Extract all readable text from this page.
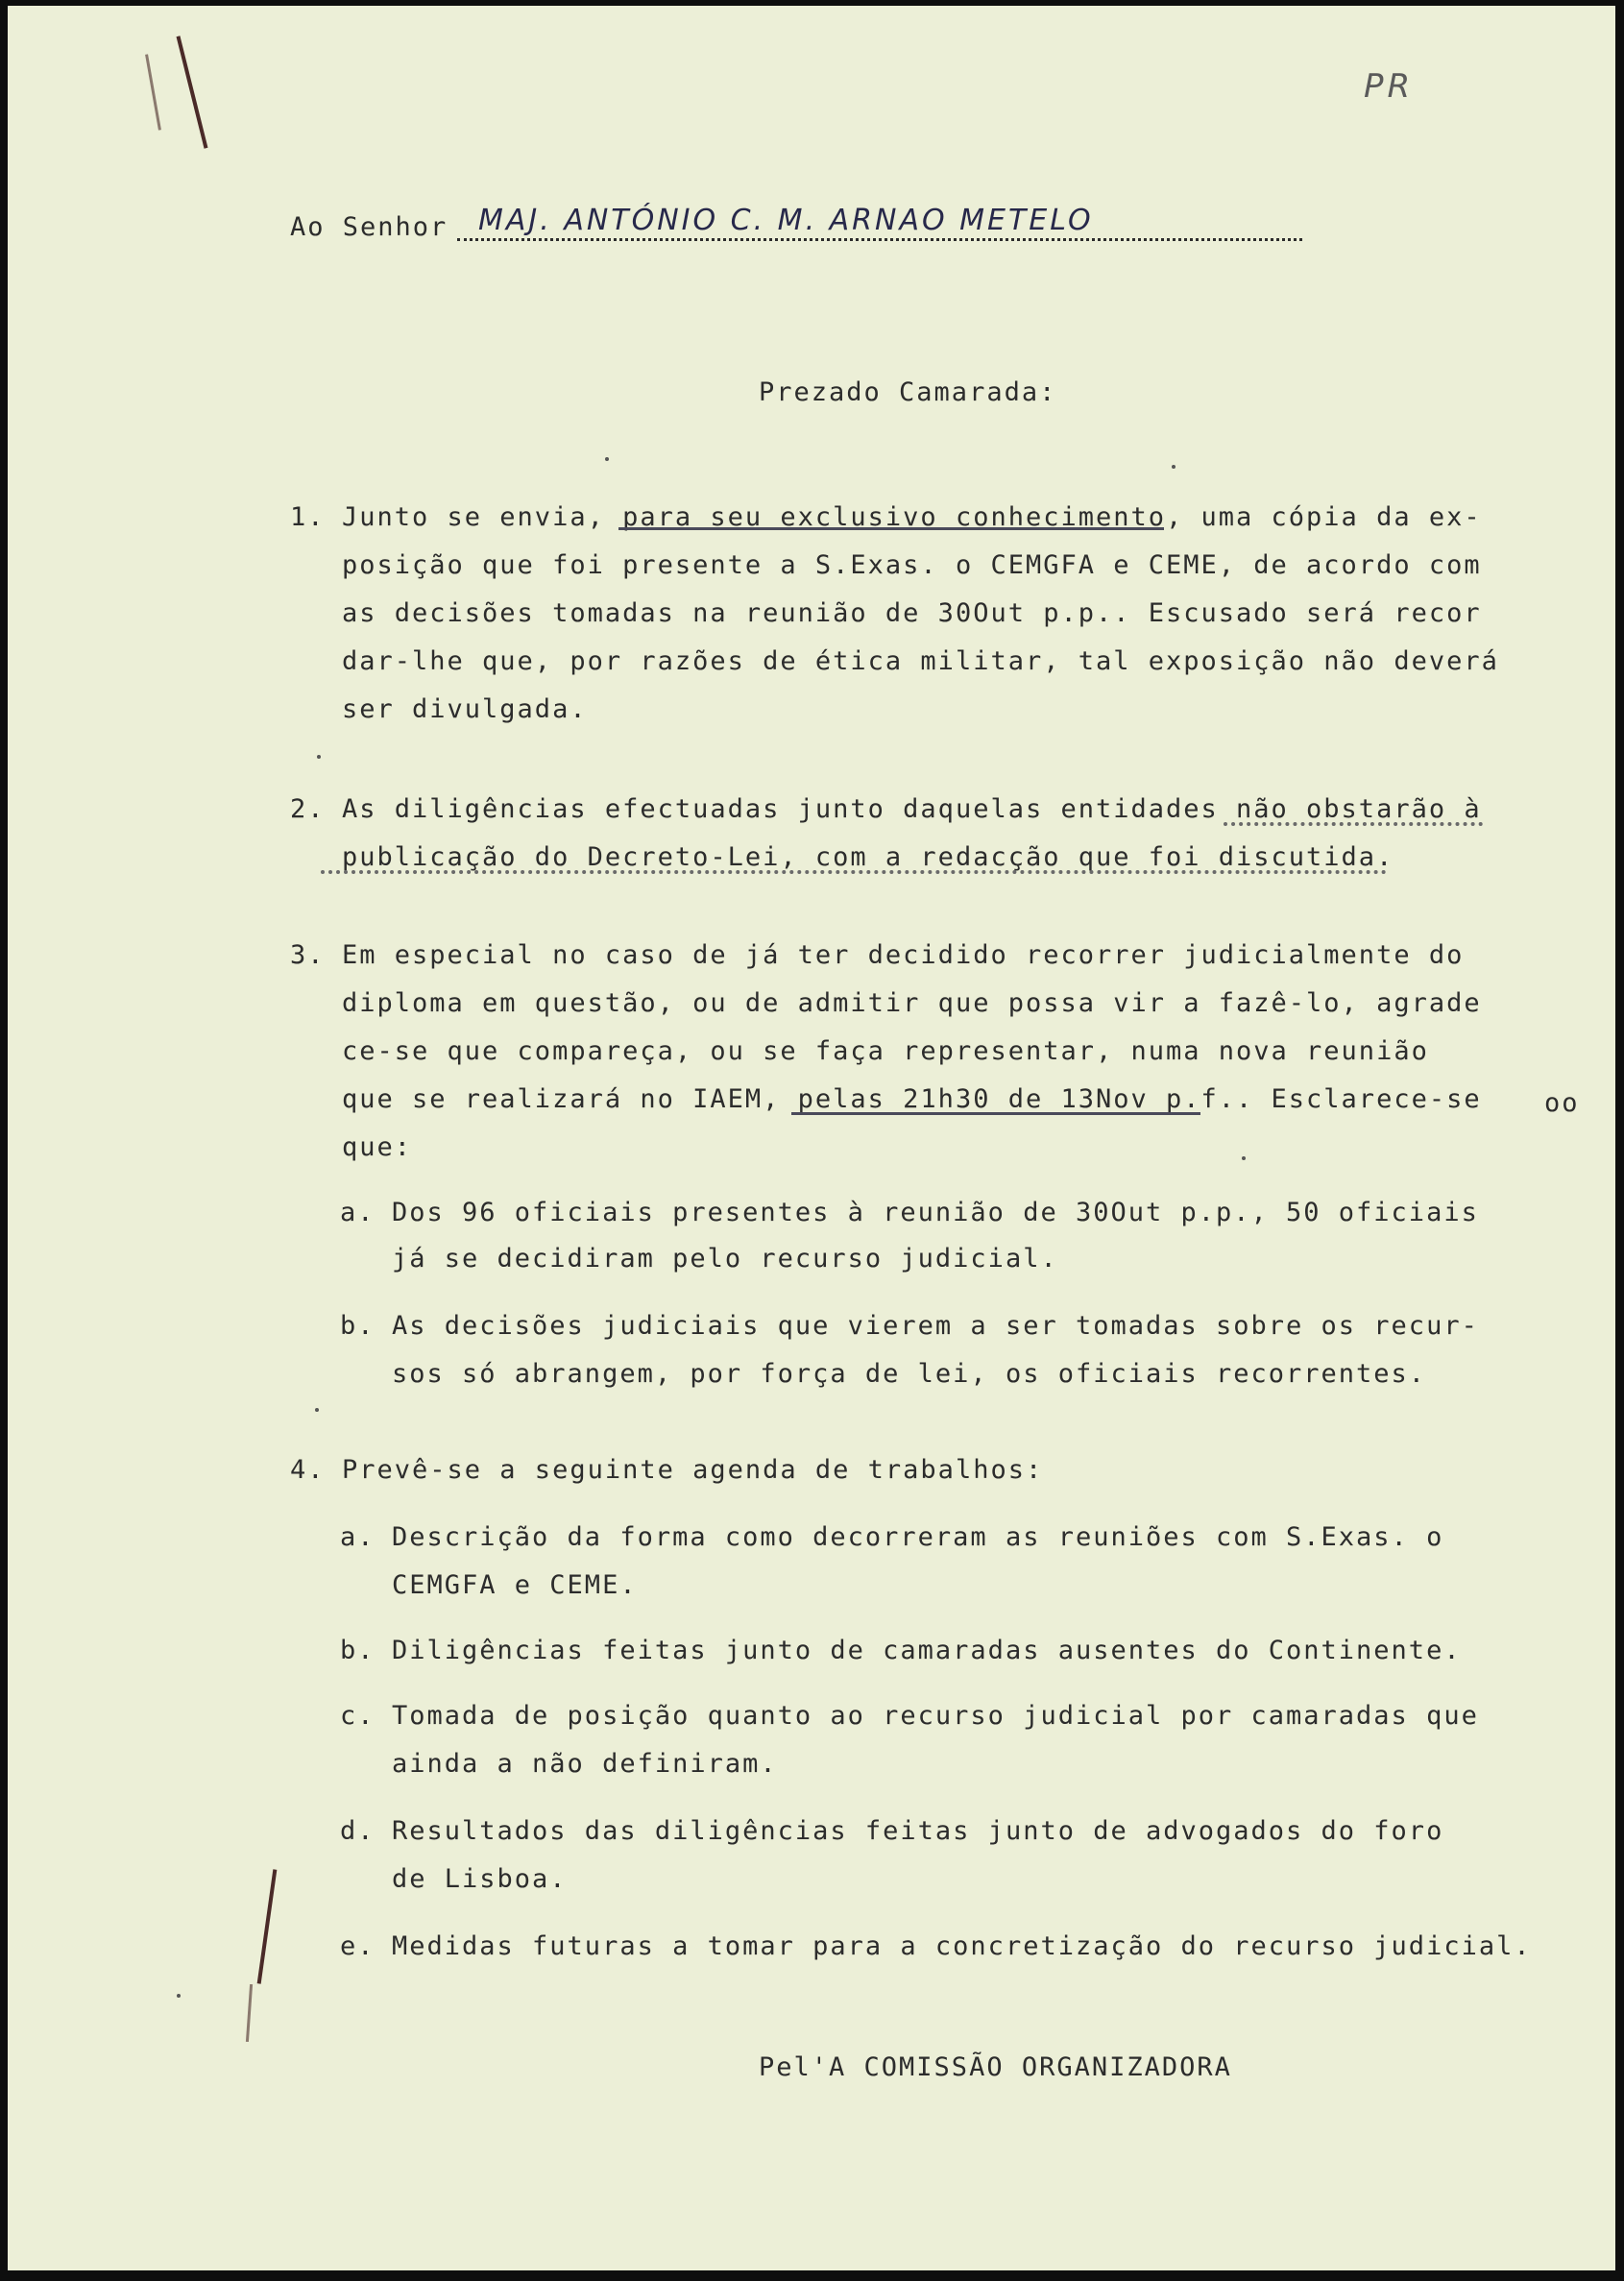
PR
Ao Senhor MAJ. ANTÓNIO C. M. ARNAO METELO
Prezado Camarada:
1. Junto se envia, para seu exclusivo conhecimento, uma cópia da ex-
posição que foi presente a S.Exas. o CEMGFA e CEME, de acordo com
as decisões tomadas na reunião de 30Out p.p.. Escusado será recor
dar-lhe que, por razões de ética militar, tal exposição não deverá
ser divulgada.
2. As diligências efectuadas junto daquelas entidades não obstarão à
publicação do Decreto-Lei, com a redacção que foi discutida.
3. Em especial no caso de já ter decidido recorrer judicialmente do
diploma em questão, ou de admitir que possa vir a fazê-lo, agrade
ce-se que compareça, ou se faça representar, numa nova reunião
que se realizará no IAEM, pelas 21h30 de 13Nov p.f.. Esclarece-se
que:
oo
a. Dos 96 oficiais presentes à reunião de 30Out p.p., 50 oficiais
já se decidiram pelo recurso judicial.
b. As decisões judiciais que vierem a ser tomadas sobre os recur-
sos só abrangem, por força de lei, os oficiais recorrentes.
4. Prevê-se a seguinte agenda de trabalhos:
a. Descrição da forma como decorreram as reuniões com S.Exas. o
CEMGFA e CEME.
b. Diligências feitas junto de camaradas ausentes do Continente.
c. Tomada de posição quanto ao recurso judicial por camaradas que
ainda a não definiram.
d. Resultados das diligências feitas junto de advogados do foro
de Lisboa.
e. Medidas futuras a tomar para a concretização do recurso judicial.
Pel'A COMISSÃO ORGANIZADORA
